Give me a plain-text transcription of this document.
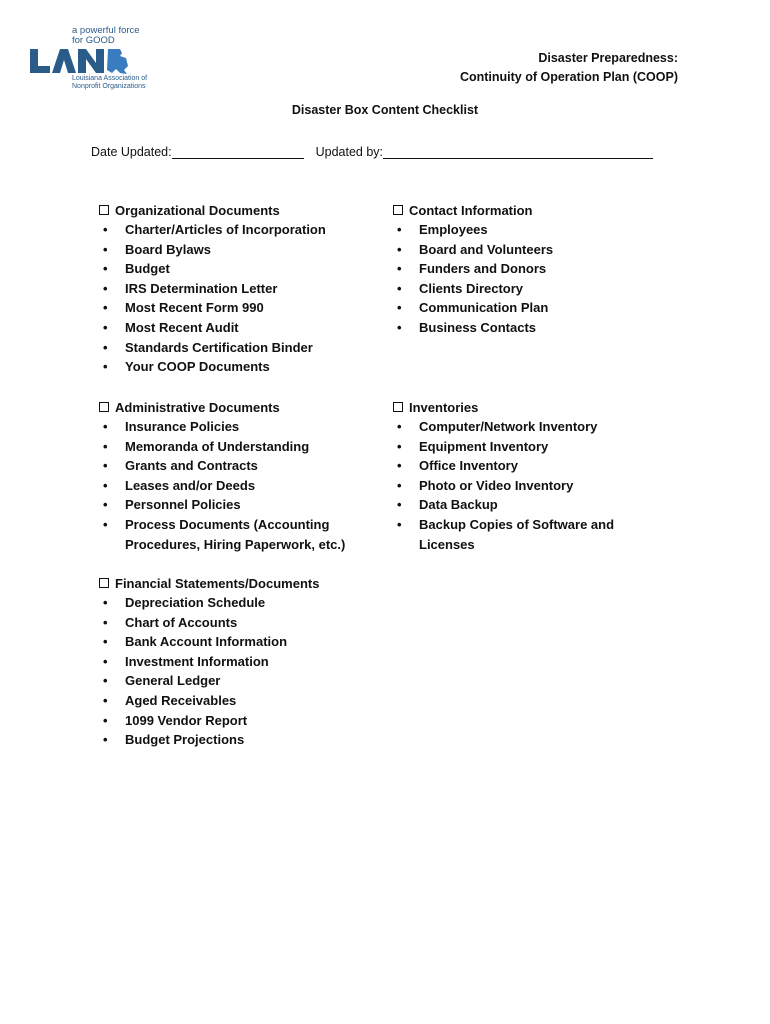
a powerful force
for GOOD
Louisiana Association of
Nonprofit Organizations
Disaster Preparedness:
Continuity of Operation Plan (COOP)
Disaster Box Content Checklist
Date Updated:	Updated by:
Organizational Documents
• Charter/Articles of Incorporation
• Board Bylaws
• Budget
• IRS Determination Letter
• Most Recent Form 990
• Most Recent Audit
• Standards Certification Binder
• Your COOP Documents
Contact Information
• Employees
• Board and Volunteers
• Funders and Donors
• Clients Directory
• Communication Plan
• Business Contacts
Administrative Documents
• Insurance Policies
• Memoranda of Understanding
• Grants and Contracts
• Leases and/or Deeds
• Personnel Policies
• Process Documents (Accounting Procedures, Hiring Paperwork, etc.)
Inventories
• Computer/Network Inventory
• Equipment Inventory
• Office Inventory
• Photo or Video Inventory
• Data Backup
• Backup Copies of Software and Licenses
Financial Statements/Documents
• Depreciation Schedule
• Chart of Accounts
• Bank Account Information
• Investment Information
• General Ledger
• Aged Receivables
• 1099 Vendor Report
• Budget Projections
